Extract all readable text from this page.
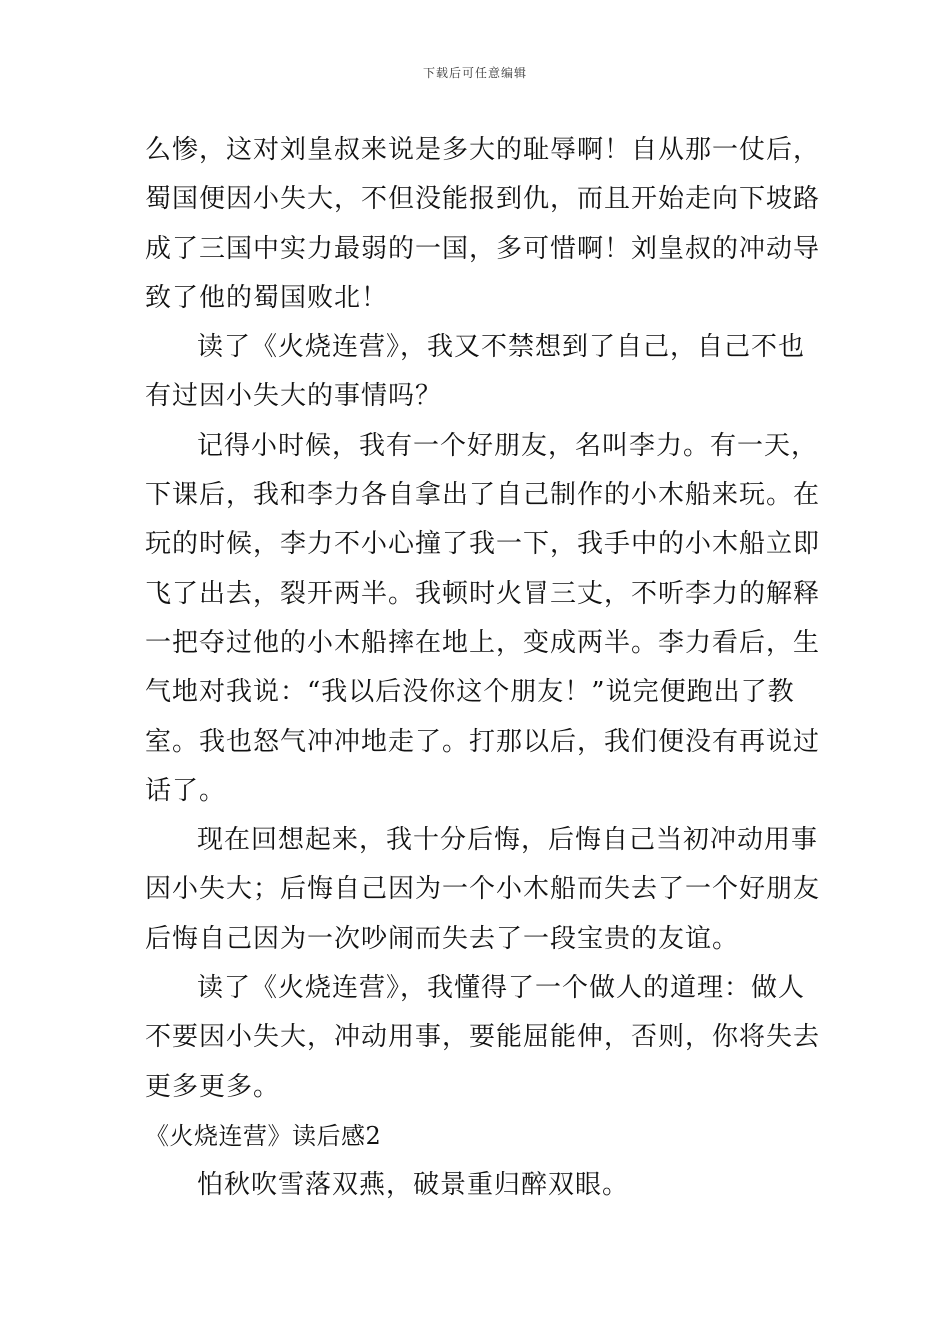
下载后可任意编辑
么惨，这对刘皇叔来说是多大的耻辱啊！自从那一仗后，
蜀国便因小失大，不但没能报到仇，而且开始走向下坡路
成了三国中实力最弱的一国，多可惜啊！刘皇叔的冲动导
致了他的蜀国败北！
读了《火烧连营》，我又不禁想到了自己，自己不也
有过因小失大的事情吗？
记得小时候，我有一个好朋友，名叫李力。有一天，
下课后，我和李力各自拿出了自己制作的小木船来玩。在
玩的时候，李力不小心撞了我一下，我手中的小木船立即
飞了出去，裂开两半。我顿时火冒三丈，不听李力的解释
一把夺过他的小木船摔在地上，变成两半。李力看后，生
气地对我说：“我以后没你这个朋友！”说完便跑出了教
室。我也怒气冲冲地走了。打那以后，我们便没有再说过
话了。
现在回想起来，我十分后悔，后悔自己当初冲动用事
因小失大；后悔自己因为一个小木船而失去了一个好朋友
后悔自己因为一次吵闹而失去了一段宝贵的友谊。
读了《火烧连营》，我懂得了一个做人的道理：做人
不要因小失大，冲动用事，要能屈能伸，否则，你将失去
更多更多。
《火烧连营》读后感2
怕秋吹雪落双燕，破景重归醉双眼。
